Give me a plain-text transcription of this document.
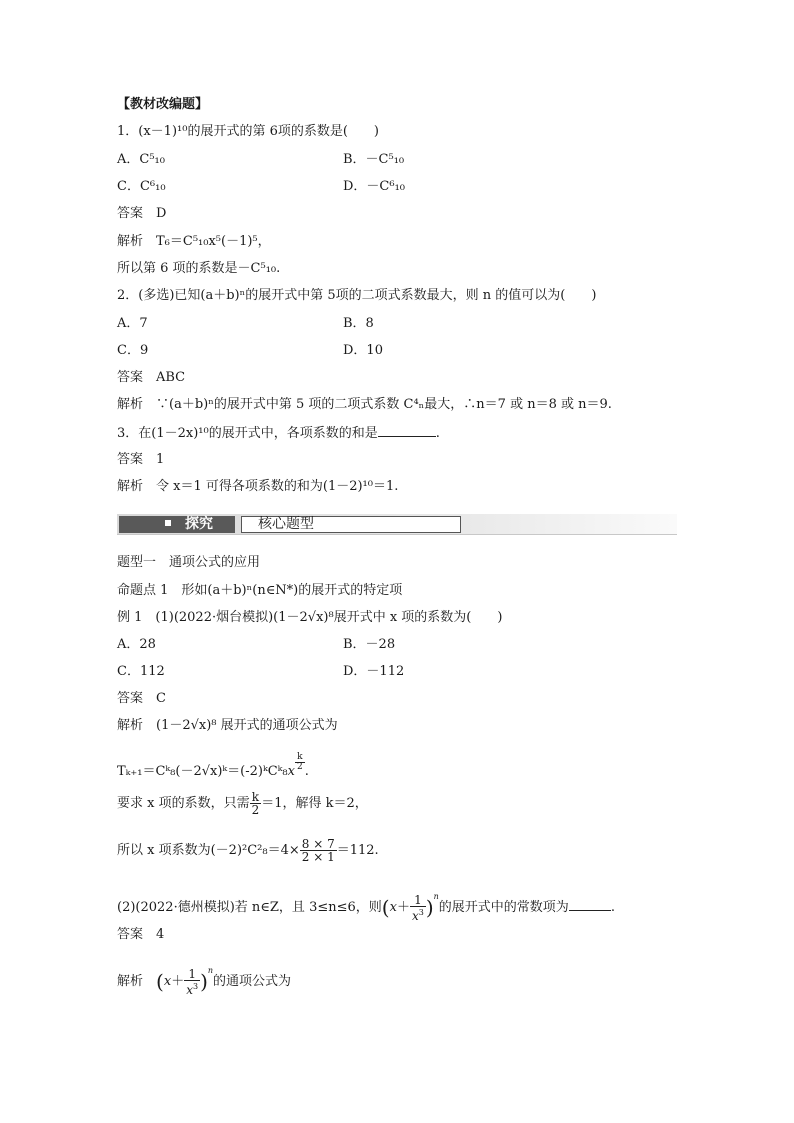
【教材改编题】
1．(x－1)¹⁰的展开式的第 6项的系数是(　　)
A．C⁵₁₀	B．－C⁵₁₀
C．C⁶₁₀	D．－C⁶₁₀
答案　D
解析　T₆＝C⁵₁₀x⁵(－1)⁵，
所以第 6 项的系数是－C⁵₁₀.
2．(多选)已知(a＋b)ⁿ的展开式中第 5项的二项式系数最大，则 n 的值可以为(　　)
A．7	B．8
C．9	D．10
答案　ABC
解析　∵(a＋b)ⁿ的展开式中第 5 项的二项式系数 C⁴ₙ最大，∴n＝7 或 n＝8 或 n＝9.
3．在(1－2x)¹⁰的展开式中，各项系数的和是	.
答案　1
解析　令 x＝1 可得各项系数的和为(1－2)¹⁰＝1.
探究	核心题型
题型一　通项公式的应用
命题点 1　形如(a＋b)ⁿ(n∈N*)的展开式的特定项
例 1　(1)(2022·烟台模拟)(1－2√x)⁸展开式中 x 项的系数为(　　)
A．28	B．－28
C．112	D．－112
答案　C
解析　(1－2√x)⁸ 展开式的通项公式为
Tₖ₊₁＝Cᵏ₈(－2√x)ᵏ＝(-2)ᵏCᵏ₈x $^{\frac{k}{2}}$ .
要求 x 项的系数，只需 $\frac{k}{2} =1$，解得 k＝2，
所以 x 项系数为$(-2)^2C^2_8=4\times \frac{8 \times 7}{2 \times 1} =112$.
(2)(2022·德州模拟)若 n∈Z，且 3≤n≤6，则$(x+ \frac{1}{x^3} )^n$的展开式中的常数项为	.
答案　4
解析　 $(x+ \frac{1}{x^3} )^n$的通项公式为
